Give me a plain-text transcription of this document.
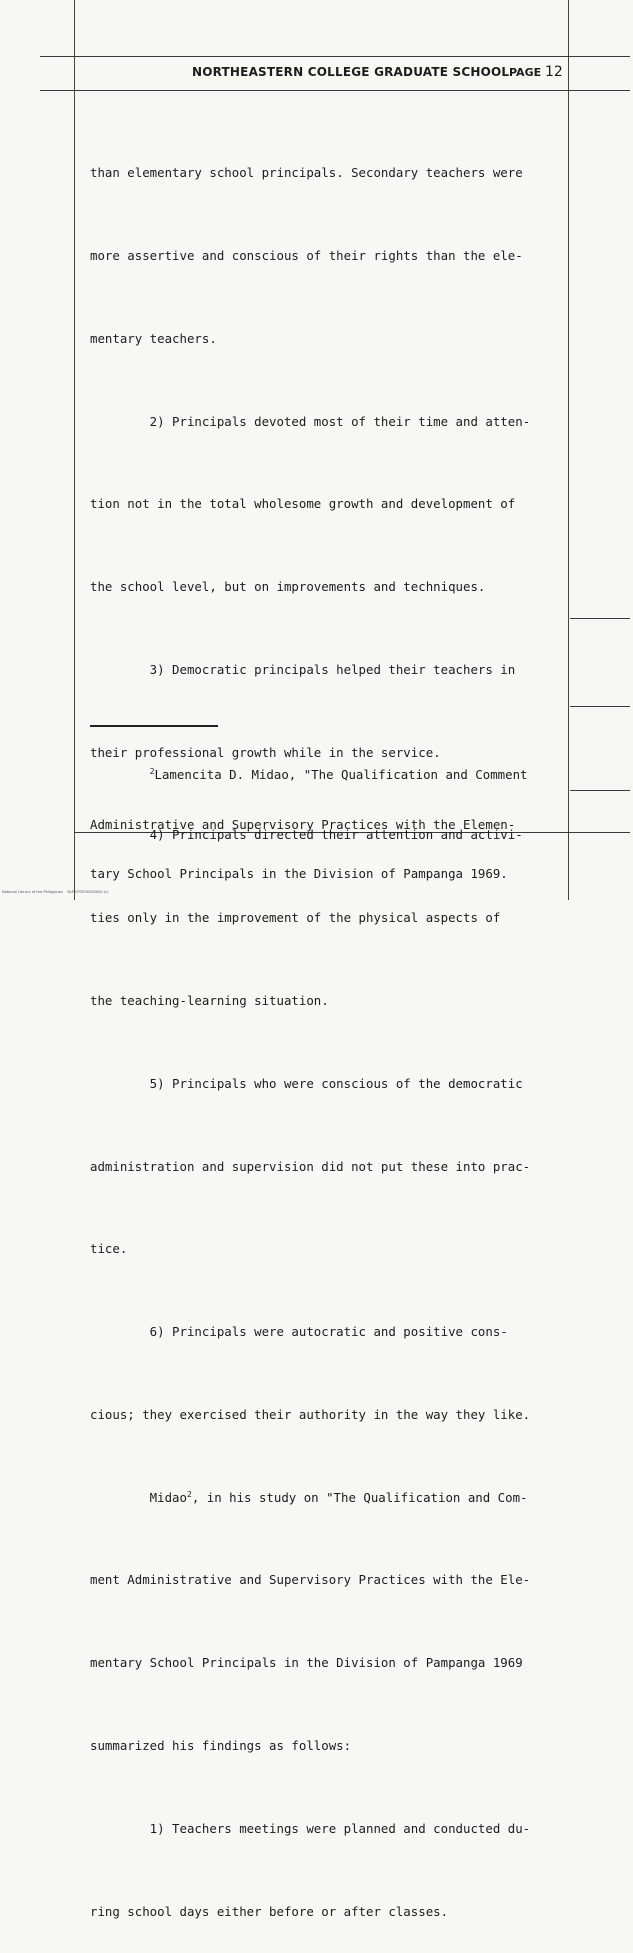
NORTHEASTERN COLLEGE GRADUATE SCHOOL PAGE 12

than elementary school principals. Secondary teachers were

more assertive and conscious of their rights than the ele-

mentary teachers.

2) Principals devoted most of their time and atten-

tion not in the total wholesome growth and development of

the school level, but on improvements and techniques.

3) Democratic principals helped their teachers in

their professional growth while in the service.

4) Principals directed their attention and activi-

ties only in the improvement of the physical aspects of

the teaching-learning situation.

5) Principals who were conscious of the democratic

administration and supervision did not put these into prac-

tice.

6) Principals were autocratic and positive cons-

cious; they exercised their authority in the way they like.

Midao$^2$, in his study on "The Qualification and Com-

ment Administrative and Supervisory Practices with the Ele-

mentary School Principals in the Division of Pampanga 1969

summarized his findings as follows:

1) Teachers meetings were planned and conducted du-

ring school days either before or after classes.

$^2$Lamencita D. Midao, "The Qualification and Comment

Administrative and Supervisory Practices with the Elemen-

tary School Principals in the Division of Pampanga 1969.

National Library of the Philippines    NLP00TESIS000000 (c)
